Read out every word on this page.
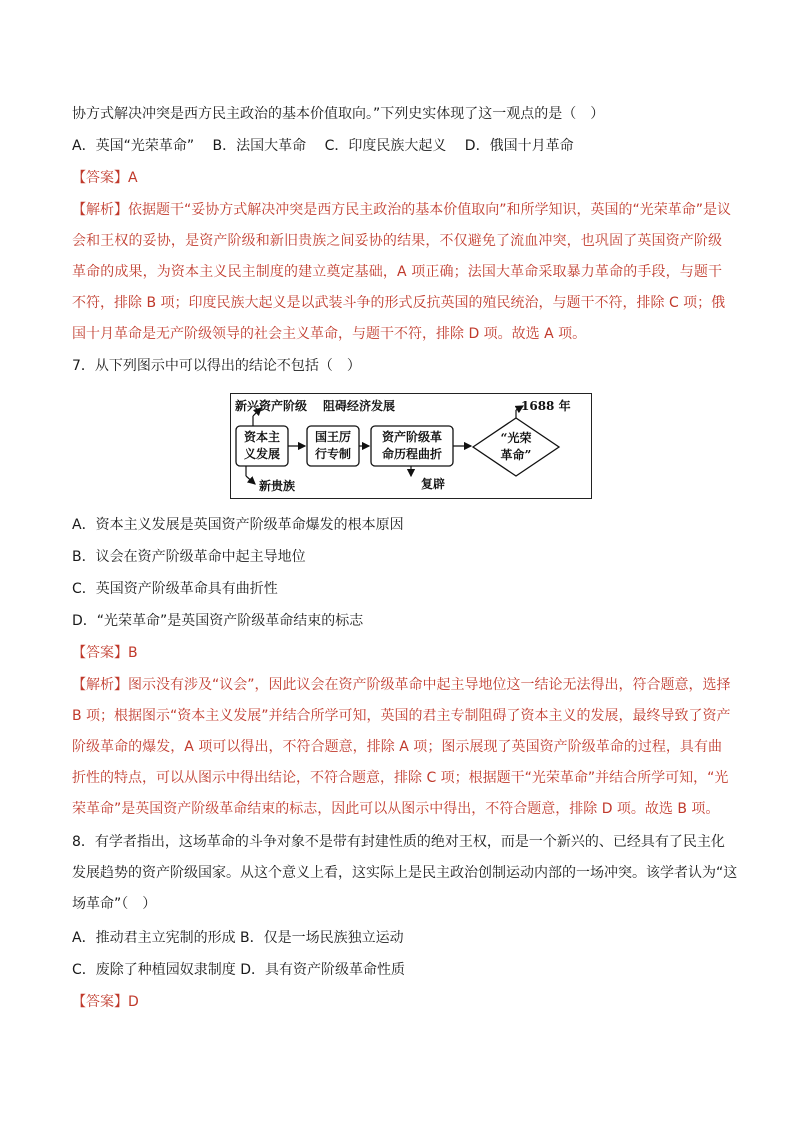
协方式解决冲突是西方民主政治的基本价值取向。”下列史实体现了这一观点的是（　）
A．英国“光荣革命”　 B．法国大革命　 C．印度民族大起义　 D．俄国十月革命
【答案】A
【解析】依据题干“妥协方式解决冲突是西方民主政治的基本价值取向”和所学知识，英国的“光荣革命”是议
会和王权的妥协，是资产阶级和新旧贵族之间妥协的结果，不仅避免了流血冲突，也巩固了英国资产阶级
革命的成果，为资本主义民主制度的建立奠定基础，A 项正确；法国大革命采取暴力革命的手段，与题干
不符，排除 B 项；印度民族大起义是以武装斗争的形式反抗英国的殖民统治，与题干不符，排除 C 项；俄
国十月革命是无产阶级领导的社会主义革命，与题干不符，排除 D 项。故选 A 项。
7．从下列图示中可以得出的结论不包括（　）
新兴资产阶级 阻碍经济发展	1688 年
资本主
义发展
国王厉
行专制
资产阶级革
命历程曲折
“光荣
革命”
新贵族	复辟
A．资本主义发展是英国资产阶级革命爆发的根本原因
B．议会在资产阶级革命中起主导地位
C．英国资产阶级革命具有曲折性
D．“光荣革命”是英国资产阶级革命结束的标志
【答案】B
【解析】图示没有涉及“议会”，因此议会在资产阶级革命中起主导地位这一结论无法得出，符合题意，选择
B 项；根据图示“资本主义发展”并结合所学可知，英国的君主专制阻碍了资本主义的发展，最终导致了资产
阶级革命的爆发，A 项可以得出，不符合题意，排除 A 项；图示展现了英国资产阶级革命的过程，具有曲
折性的特点，可以从图示中得出结论，不符合题意，排除 C 项；根据题干“光荣革命”并结合所学可知，“光
荣革命”是英国资产阶级革命结束的标志，因此可以从图示中得出，不符合题意，排除 D 项。故选 B 项。
8．有学者指出，这场革命的斗争对象不是带有封建性质的绝对王权，而是一个新兴的、已经具有了民主化
发展趋势的资产阶级国家。从这个意义上看，这实际上是民主政治创制运动内部的一场冲突。该学者认为“这
场革命”（　）
A．推动君主立宪制的形成 B．仅是一场民族独立运动
C．废除了种植园奴隶制度 D．具有资产阶级革命性质
【答案】D
